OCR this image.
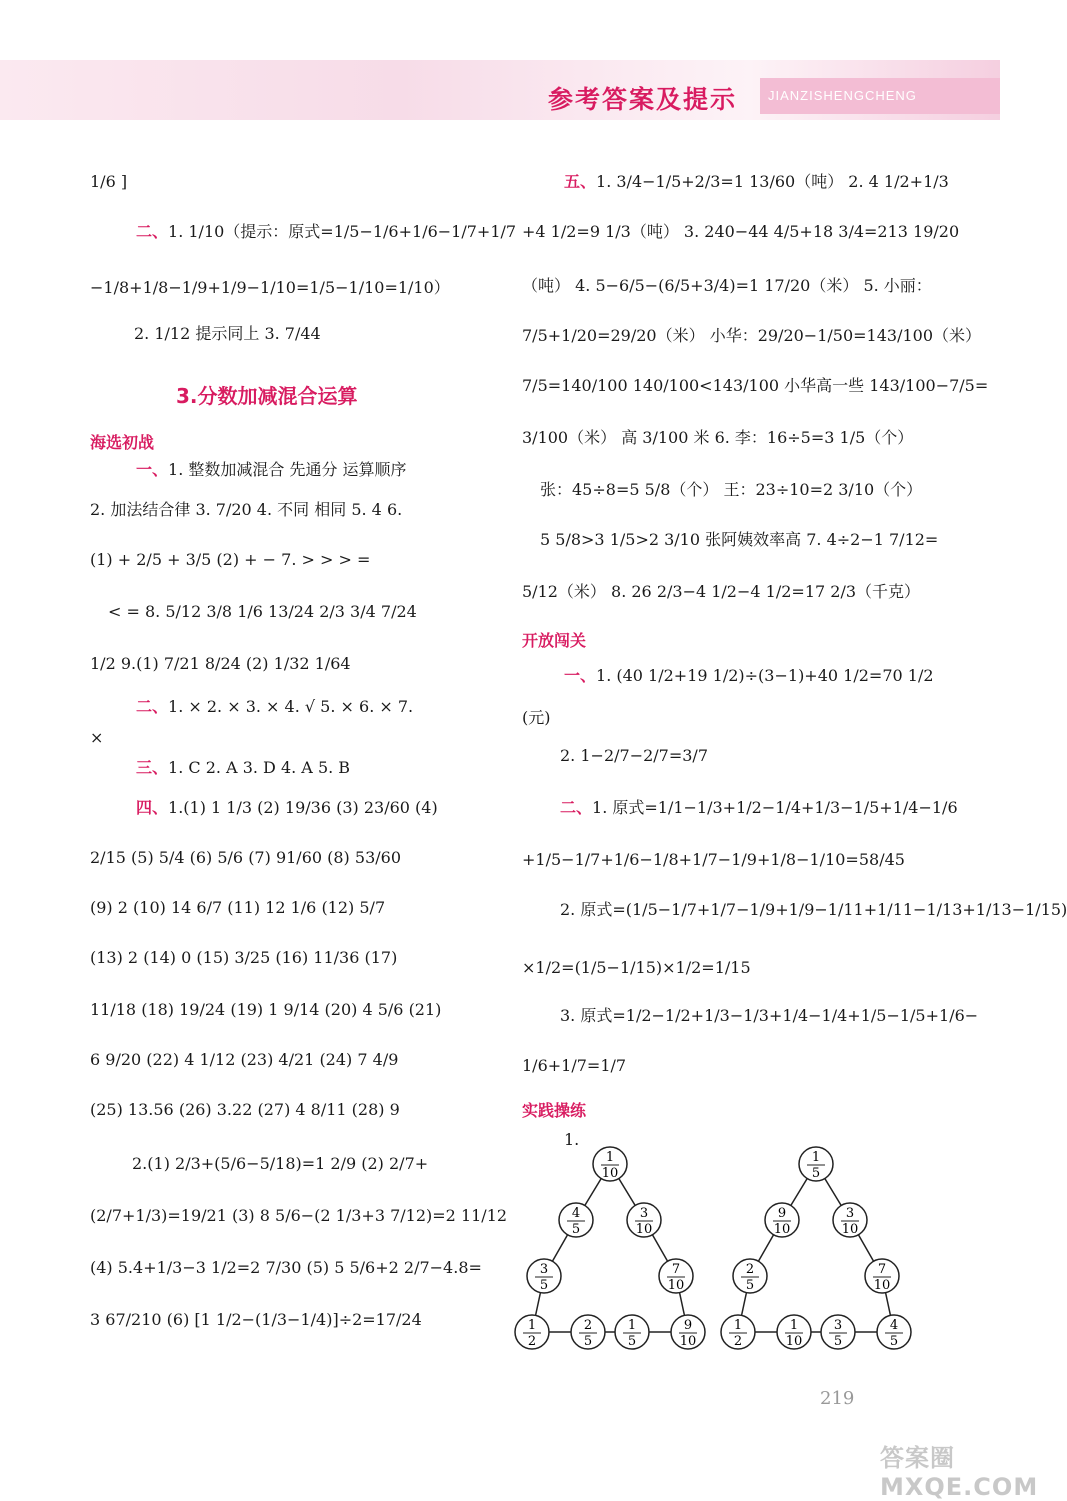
参考答案及提示	JIANZISHENGCHENG
1/6 ]
二、1. 1/10（提示：原式=1/5−1/6+1/6−1/7+1/7
−1/8+1/8−1/9+1/9−1/10=1/5−1/10=1/10）
2. 1/12 提示同上 3. 7/44
3.分数加减混合运算
海选初战
一、1. 整数加减混合 先通分 运算顺序
2. 加法结合律 3. 7/20 4. 不同 相同 5. 4 6.
(1) + 2/5 + 3/5 (2) + − 7. > > > =
< = 8. 5/12 3/8 1/6 13/24 2/3 3/4 7/24
1/2 9.(1) 7/21 8/24 (2) 1/32 1/64
二、1. × 2. × 3. × 4. √ 5. × 6. × 7.
×
三、1. C 2. A 3. D 4. A 5. B
四、1.(1) 1 1/3 (2) 19/36 (3) 23/60 (4)
2/15 (5) 5/4 (6) 5/6 (7) 91/60 (8) 53/60
(9) 2 (10) 14 6/7 (11) 12 1/6 (12) 5/7
(13) 2 (14) 0 (15) 3/25 (16) 11/36 (17)
11/18 (18) 19/24 (19) 1 9/14 (20) 4 5/6 (21)
6 9/20 (22) 4 1/12 (23) 4/21 (24) 7 4/9
(25) 13.56 (26) 3.22 (27) 4 8/11 (28) 9
2.(1) 2/3+(5/6−5/18)=1 2/9 (2) 2/7+
(2/7+1/3)=19/21 (3) 8 5/6−(2 1/3+3 7/12)=2 11/12
(4) 5.4+1/3−3 1/2=2 7/30 (5) 5 5/6+2 2/7−4.8=
3 67/210 (6) [1 1/2−(1/3−1/4)]÷2=17/24
五、1. 3/4−1/5+2/3=1 13/60（吨） 2. 4 1/2+1/3
+4 1/2=9 1/3（吨） 3. 240−44 4/5+18 3/4=213 19/20
（吨） 4. 5−6/5−(6/5+3/4)=1 17/20（米） 5. 小丽：
7/5+1/20=29/20（米） 小华：29/20−1/50=143/100（米）
7/5=140/100 140/100<143/100 小华高一些 143/100−7/5=
3/100（米） 高 3/100 米 6. 李：16÷5=3 1/5（个）
张：45÷8=5 5/8（个） 王：23÷10=2 3/10（个）
5 5/8>3 1/5>2 3/10 张阿姨效率高 7. 4÷2−1 7/12=
5/12（米） 8. 26 2/3−4 1/2−4 1/2=17 2/3（千克）
开放闯关
一、1. (40 1/2+19 1/2)÷(3−1)+40 1/2=70 1/2
(元)
2. 1−2/7−2/7=3/7
二、1. 原式=1/1−1/3+1/2−1/4+1/3−1/5+1/4−1/6
+1/5−1/7+1/6−1/8+1/7−1/9+1/8−1/10=58/45
2. 原式=(1/5−1/7+1/7−1/9+1/9−1/11+1/11−1/13+1/13−1/15)
×1/2=(1/5−1/15)×1/2=1/15
3. 原式=1/2−1/2+1/3−1/3+1/4−1/4+1/5−1/5+1/6−
1/6+1/7=1/7
实践操练
1.
1
10
4
5
3
10
3
5
7
10
1
2
2
5
1
5
9
10
1
5
9
10
3
10
2
5
7
10
1
2
1
10
3
5
4
5
219
答案圈 MXQE.COM
